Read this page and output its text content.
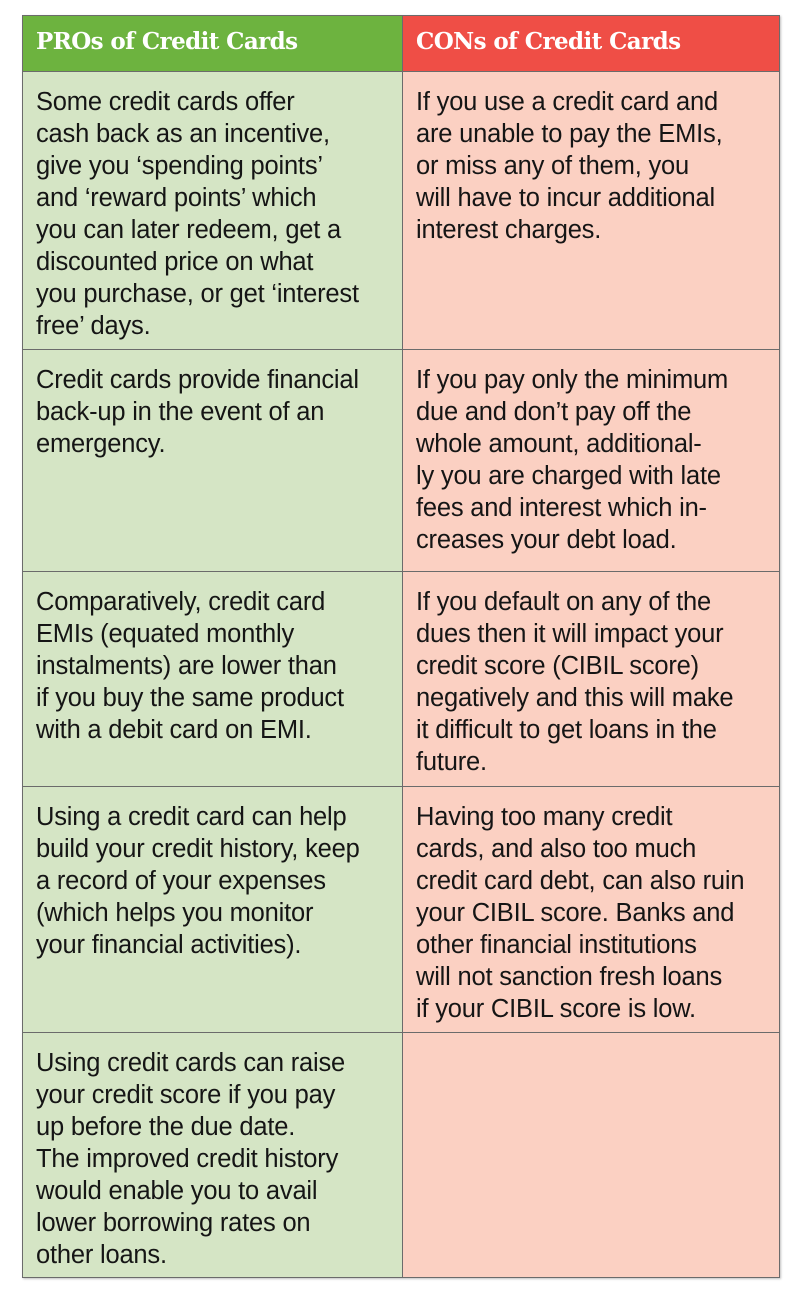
PROs of Credit Cards	CONs of Credit Cards
Some credit cards offer
cash back as an incentive,
give you ‘spending points’
and ‘reward points’ which
you can later redeem, get a
discounted price on what
you purchase, or get ‘interest
free’ days.
If you use a credit card and
are unable to pay the EMIs,
or miss any of them, you
will have to incur additional
interest charges.
Credit cards provide financial
back-up in the event of an
emergency.
If you pay only the minimum
due and don’t pay off the
whole amount, additional-
ly you are charged with late
fees and interest which in-
creases your debt load.
Comparatively, credit card
EMIs (equated monthly
instalments) are lower than
if you buy the same product
with a debit card on EMI.
If you default on any of the
dues then it will impact your
credit score (CIBIL score)
negatively and this will make
it difficult to get loans in the
future.
Using a credit card can help
build your credit history, keep
a record of your expenses
(which helps you monitor
your financial activities).
Having too many credit
cards, and also too much
credit card debt, can also ruin
your CIBIL score. Banks and
other financial institutions
will not sanction fresh loans
if your CIBIL score is low.
Using credit cards can raise
your credit score if you pay
up before the due date.
The improved credit history
would enable you to avail
lower borrowing rates on
other loans.
